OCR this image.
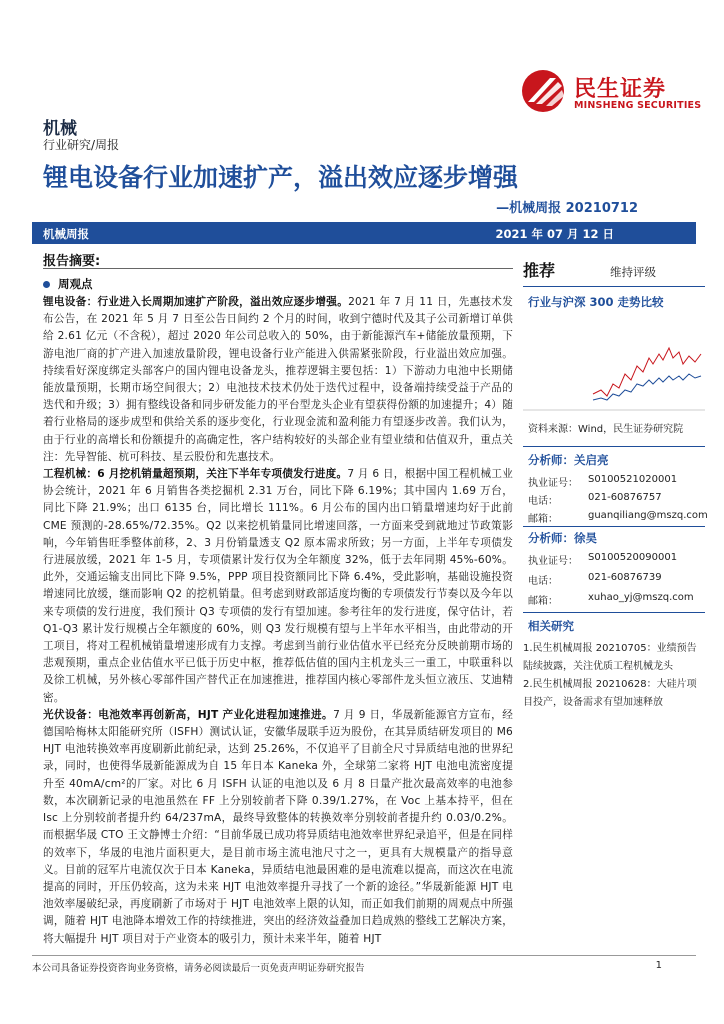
民生证券
MINSHENG SECURITIES
机械
行业研究/周报
锂电设备行业加速扩产，溢出效应逐步增强
—机械周报 20210712
机械周报	2021 年 07 月 12 日
报告摘要:
周观点

锂电设备：行业进入长周期加速扩产阶段，溢出效应逐步增强。2021 年 7 月 11 日，先惠技术发布公告，在 2021 年 5 月 7 日至公告日间约 2 个月的时间，收到宁德时代及其子公司新增订单供给 2.61 亿元（不含税），超过 2020 年公司总收入的 50%，由于新能源汽车+储能放量预期，下游电池厂商的扩产进入加速放量阶段，锂电设备行业产能进入供需紧张阶段，行业溢出效应加强。持续看好深度绑定头部客户的国内锂电设备龙头，推荐逻辑主要包括：1）下游动力电池中长期储能放量预期，长期市场空间很大；2）电池技术技术仍处于迭代过程中，设备端持续受益于产品的迭代和升级；3）拥有整线设备和同步研发能力的平台型龙头企业有望获得份额的加速提升；4）随着行业格局的逐步成型和供给关系的逐步变化，行业现金流和盈利能力有望逐步改善。我们认为，由于行业的高增长和份额提升的高确定性，客户结构较好的头部企业有望业绩和估值双升，重点关注：先导智能、杭可科技、星云股份和先惠技术。

工程机械：6 月挖机销量超预期，关注下半年专项债发行进度。7 月 6 日，根据中国工程机械工业协会统计，2021 年 6 月销售各类挖掘机 2.31 万台，同比下降 6.19%；其中国内 1.69 万台，同比下降 21.9%；出口 6135 台，同比增长 111%。6 月公布的国内出口销量增速均好于此前 CME 预测的-28.65%/72.35%。Q2 以来挖机销量同比增速回落，一方面来受到就地过节政策影响，今年销售旺季整体前移，2、3 月份销量透支 Q2 原本需求所致；另一方面，上半年专项债发行进展放缓，2021 年 1-5 月，专项债累计发行仅为全年额度 32%，低于去年同期 45%-60%。此外，交通运输支出同比下降 9.5%，PPP 项目投资额同比下降 6.4%，受此影响，基础设施投资增速同比放缓，继而影响 Q2 的挖机销量。但考虑到财政部适度均衡的专项债发行节奏以及今年以来专项债的发行进度，我们预计 Q3 专项债的发行有望加速。参考往年的发行进度，保守估计，若 Q1-Q3 累计发行规模占全年额度的 60%，则 Q3 发行规模有望与上半年水平相当，由此带动的开工项目，将对工程机械销量增速形成有力支撑。考虑到当前行业估值水平已经充分反映前期市场的悲观预期，重点企业估值水平已低于历史中枢，推荐低估值的国内主机龙头三一重工，中联重科以及徐工机械，另外核心零部件国产替代正在加速推进，推荐国内核心零部件龙头恒立液压、艾迪精密。

光伏设备：电池效率再创新高，HJT 产业化进程加速推进。7 月 9 日，华晟新能源官方宣布，经德国哈梅林太阳能研究所（ISFH）测试认证，安徽华晟联手迈为股份，在其异质结研发项目的 M6 HJT 电池转换效率再度刷新此前纪录，达到 25.26%，不仅追平了目前全尺寸异质结电池的世界纪录，同时，也使得华晟新能源成为自 15 年日本 Kaneka 外，全球第二家将 HJT 电池电流密度提升至 40mA/cm²的厂家。对比 6 月 ISFH 认证的电池以及 6 月 8 日量产批次最高效率的电池参数，本次刷新记录的电池虽然在 FF 上分别较前者下降 0.39/1.27%，在 Voc 上基本持平，但在 Isc 上分别较前者提升约 64/237mA，最终导致整体的转换效率分别较前者提升约 0.03/0.2%。而根据华晟 CTO 王文静博士介绍：“目前华晟已成功将异质结电池效率世界纪录追平，但是在同样的效率下，华晟的电池片面积更大，是目前市场主流电池尺寸之一，更具有大规模量产的指导意义。目前的冠军片电流仅次于日本 Kaneka，异质结电池最困难的是电流难以提高，而这次在电流提高的同时，开压仍较高，这为未来 HJT 电池效率提升寻找了一个新的途径。”华晟新能源 HJT 电池效率屡破纪录，再度刷新了市场对于 HJT 电池效率上限的认知，而正如我们前期的周观点中所强调，随着 HJT 电池降本增效工作的持续推进，突出的经济效益叠加日趋成熟的整线工艺解决方案，将大幅提升 HJT 项目对于产业资本的吸引力，预计未来半年，随着 HJT

推荐	维持评级
行业与沪深 300 走势比较
资料来源：Wind，民生证券研究院
分析师：关启亮
执业证号： S0100521020001
电话：	021-60876757
邮箱：	guanqiliang@mszq.com
分析师：徐昊
执业证号： S0100520090001
电话：	021-60876739
邮箱：	xuhao_yj@mszq.com
相关研究
1.民生机械周报 20210705：业绩预告陆续披露，关注优质工程机械龙头
2.民生机械周报 20210628：大硅片项目投产，设备需求有望加速释放
本公司具备证券投资咨询业务资格，请务必阅读最后一页免责声明证券研究报告	1
